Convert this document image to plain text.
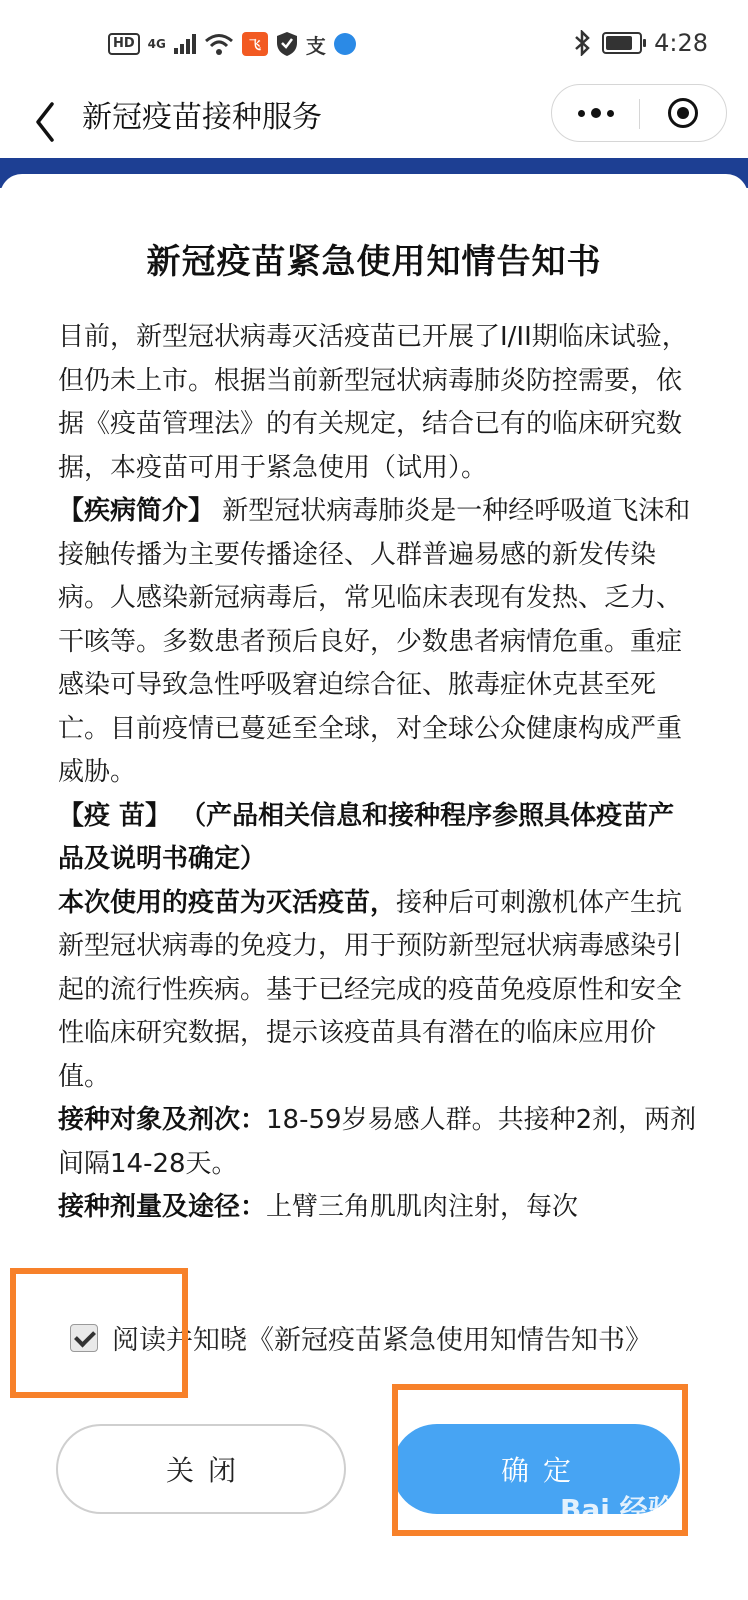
HD	4G	飞	支	4:28
新冠疫苗接种服务
新冠疫苗紧急使用知情告知书

目前，新型冠状病毒灭活疫苗已开展了I/II期临床试验，但仍未上市。根据当前新型冠状病毒肺炎防控需要，依据《疫苗管理法》的有关规定，结合已有的临床研究数据，本疫苗可用于紧急使用（试用）。

【疾病简介】 新型冠状病毒肺炎是一种经呼吸道飞沫和接触传播为主要传播途径、人群普遍易感的新发传染病。人感染新冠病毒后，常见临床表现有发热、乏力、干咳等。多数患者预后良好，少数患者病情危重。重症感染可导致急性呼吸窘迫综合征、脓毒症休克甚至死亡。目前疫情已蔓延至全球，对全球公众健康构成严重威胁。

【疫 苗】 （产品相关信息和接种程序参照具体疫苗产品及说明书确定）

本次使用的疫苗为灭活疫苗，接种后可刺激机体产生抗新型冠状病毒的免疫力，用于预防新型冠状病毒感染引起的流行性疾病。基于已经完成的疫苗免疫原性和安全性临床研究数据，提示该疫苗具有潜在的临床应用价值。

接种对象及剂次：18-59岁易感人群。共接种2剂，两剂间隔14-28天。

接种剂量及途径：上臂三角肌肌肉注射，每次

阅读并知晓《新冠疫苗紧急使用知情告知书》
关闭	确定
Bai 经验
